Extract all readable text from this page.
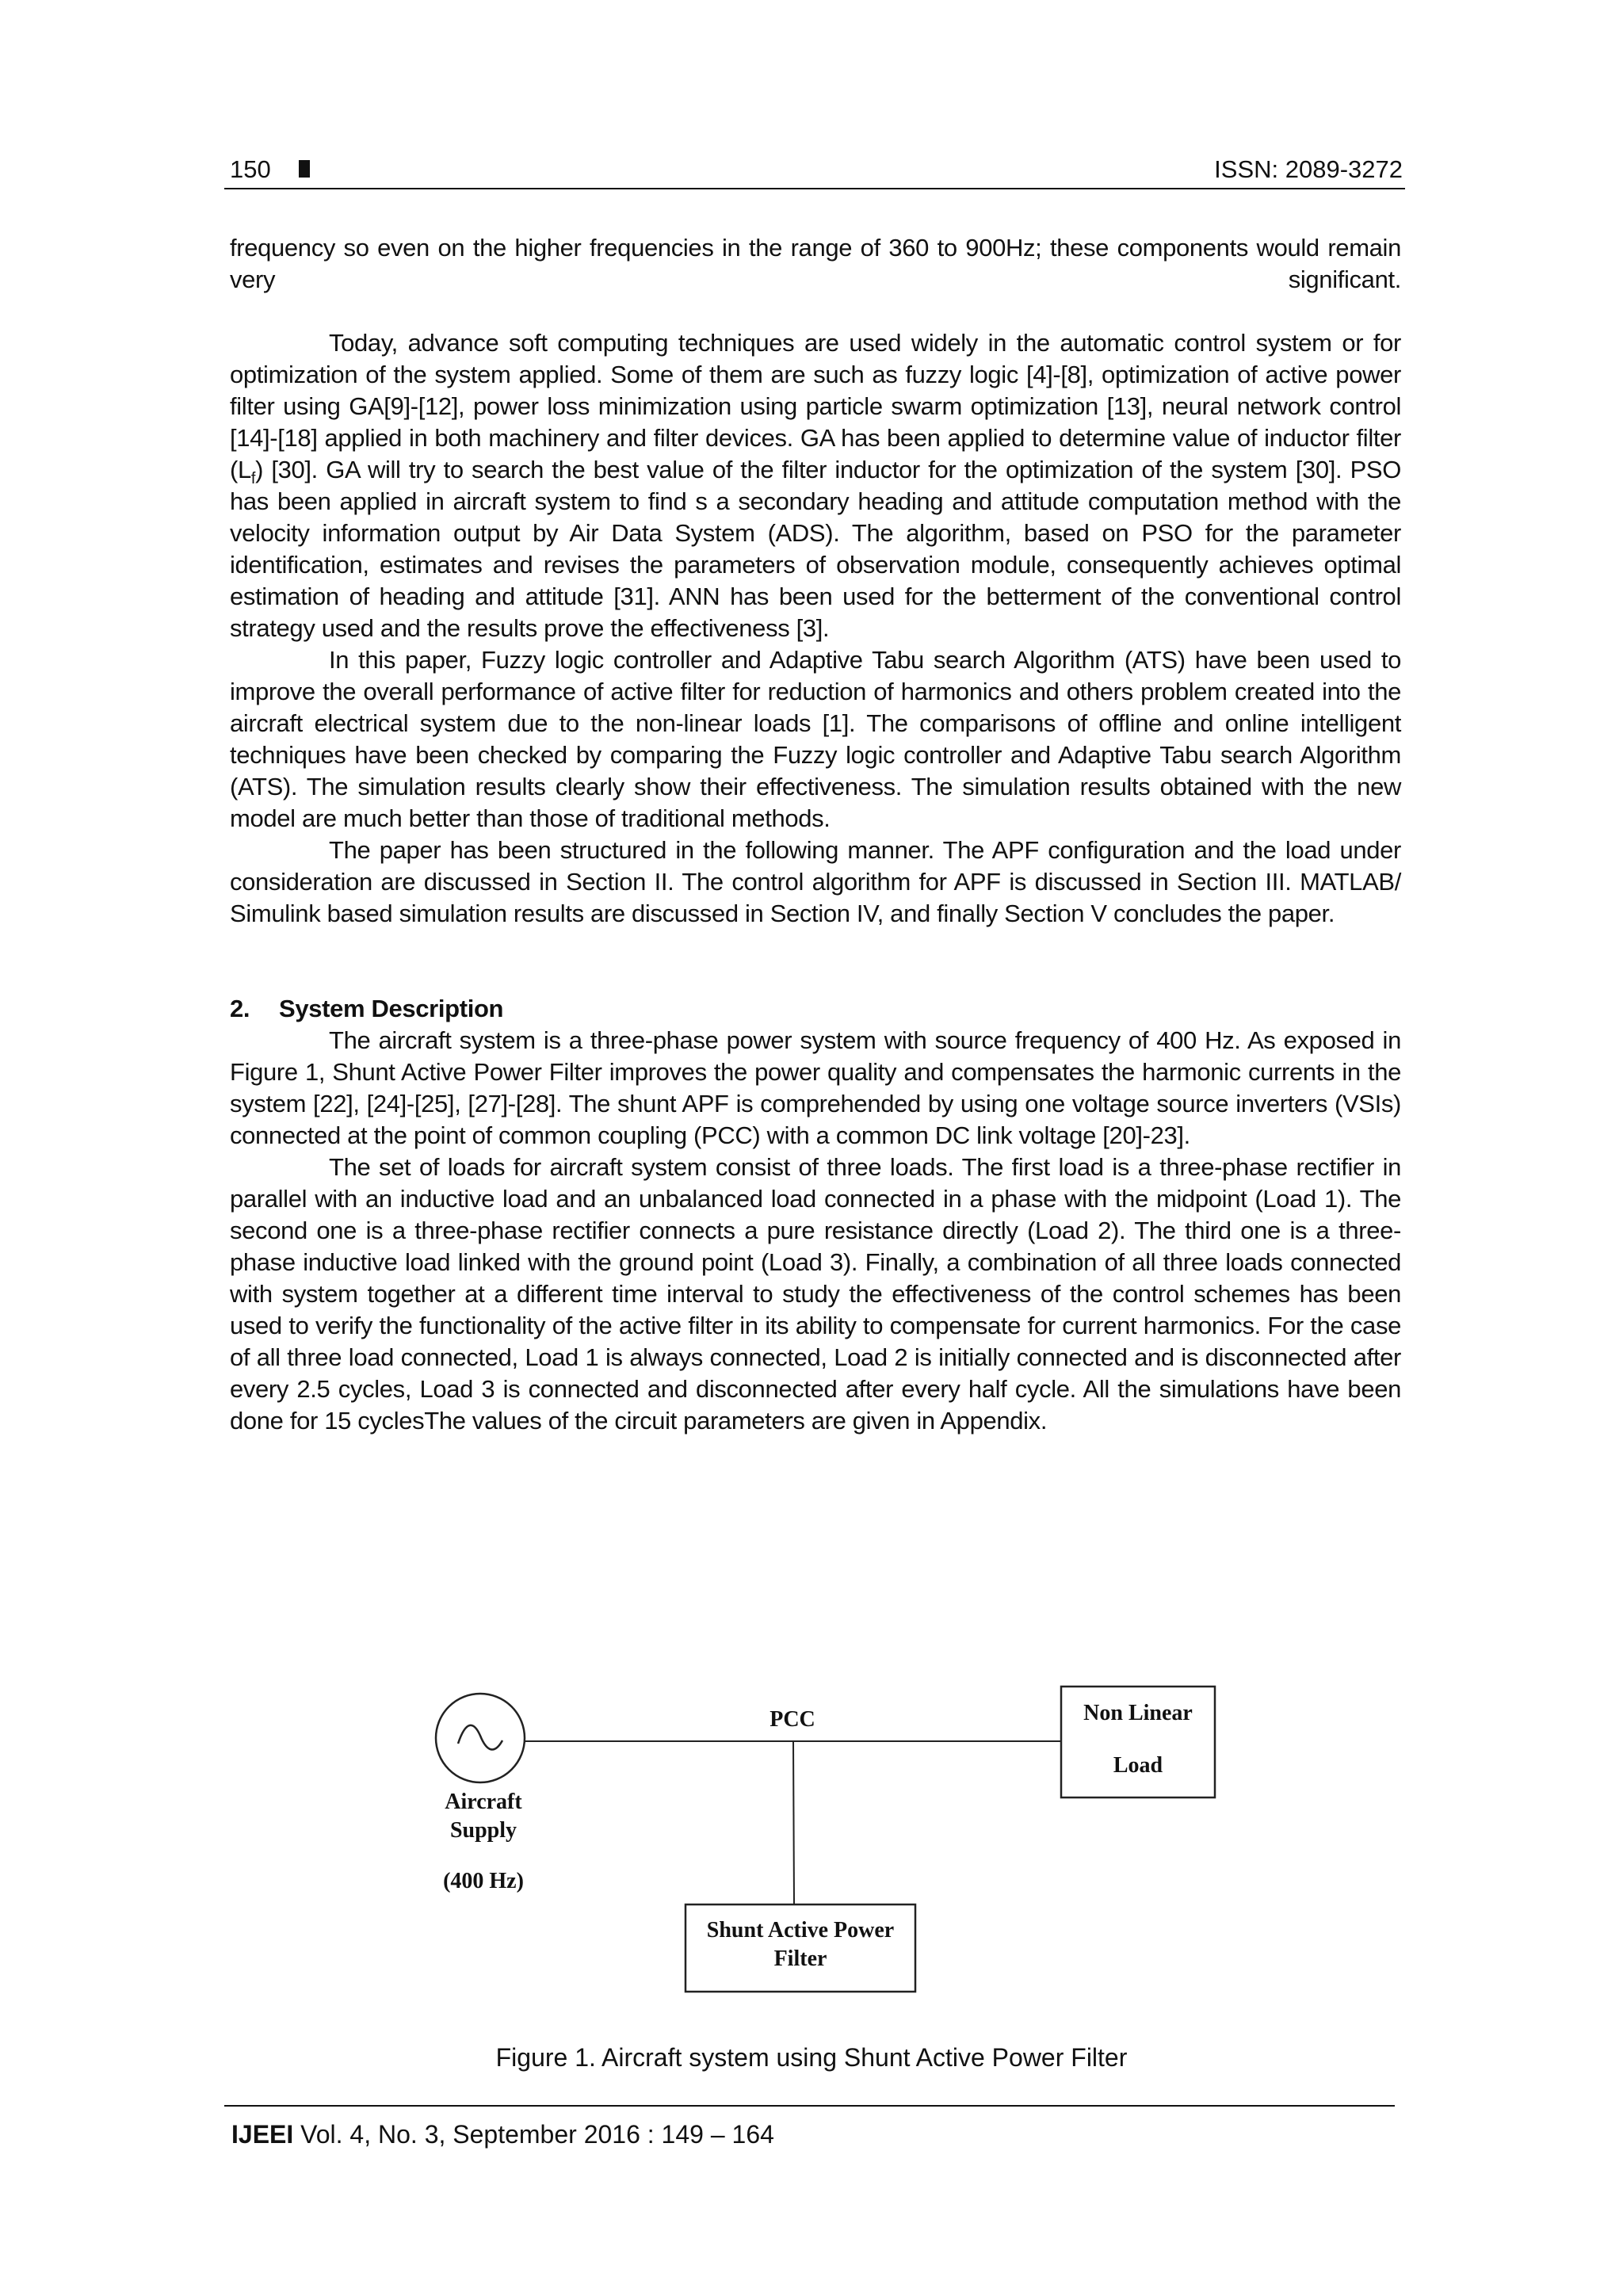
150	ISSN: 2089-3272

frequency so even on the higher frequencies in the range of 360 to 900Hz; these components would remain very significant.

Today, advance soft computing techniques are used widely in the automatic control system or for optimization of the system applied. Some of them are such as fuzzy logic [4]-[8], optimization of active power filter using GA[9]-[12], power loss minimization using particle swarm optimization [13], neural network control [14]-[18] applied in both machinery and filter devices. GA has been applied to determine value of inductor filter $(L_f)$ [30]. GA will try to search the best value of the filter inductor for the optimization of the system [30]. PSO has been applied in aircraft system to find s a secondary heading and attitude computation method with the velocity information output by Air Data System (ADS). The algorithm, based on PSO for the parameter identification, estimates and revises the parameters of observation module, consequently achieves optimal estimation of heading and attitude [31]. ANN has been used for the betterment of the conventional control strategy used and the results prove the effectiveness [3].

In this paper, Fuzzy logic controller and Adaptive Tabu search Algorithm (ATS) have been used to improve the overall performance of active filter for reduction of harmonics and others problem created into the aircraft electrical system due to the non-linear loads [1]. The comparisons of offline and online intelligent techniques have been checked by comparing the Fuzzy logic controller and Adaptive Tabu search Algorithm (ATS). The simulation results clearly show their effectiveness. The simulation results obtained with the new model are much better than those of traditional methods.

The paper has been structured in the following manner. The APF configuration and the load under consideration are discussed in Section II. The control algorithm for APF is discussed in Section III. MATLAB/ Simulink based simulation results are discussed in Section IV, and finally Section V concludes the paper.

2. System Description

The aircraft system is a three-phase power system with source frequency of 400 Hz. As exposed in Figure 1, Shunt Active Power Filter improves the power quality and compensates the harmonic currents in the system [22], [24]-[25], [27]-[28]. The shunt APF is comprehended by using one voltage source inverters (VSIs) connected at the point of common coupling (PCC) with a common DC link voltage [20]-23].

The set of loads for aircraft system consist of three loads. The first load is a three-phase rectifier in parallel with an inductive load and an unbalanced load connected in a phase with the midpoint (Load 1). The second one is a three-phase rectifier connects a pure resistance directly (Load 2). The third one is a three-phase inductive load linked with the ground point (Load 3). Finally, a combination of all three loads connected with system together at a different time interval to study the effectiveness of the control schemes has been used to verify the functionality of the active filter in its ability to compensate for current harmonics. For the case of all three load connected, Load 1 is always connected, Load 2 is initially connected and is disconnected after every 2.5 cycles, Load 3 is connected and disconnected after every half cycle. All the simulations have been done for 15 cyclesThe values of the circuit parameters are given in Appendix.

Aircraft
Supply
(400 Hz)
PCC	Non Linear
Load
Shunt Active Power
Filter
Figure 1. Aircraft system using Shunt Active Power Filter
IJEEI Vol. 4, No. 3, September 2016 : 149 – 164
